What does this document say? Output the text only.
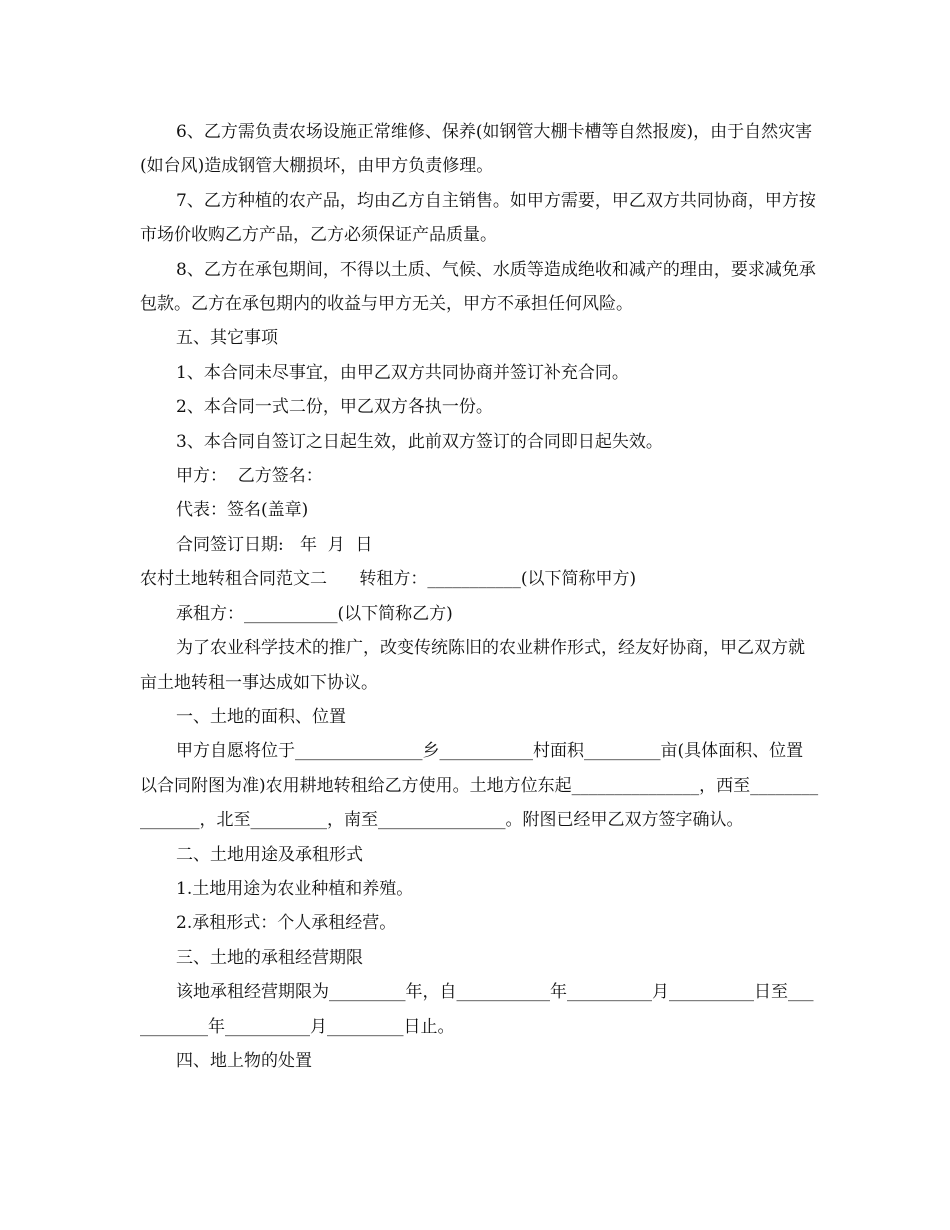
6、乙方需负责农场设施正常维修、保养(如钢管大棚卡槽等自然报废)，由于自然灾害(如台风)造成钢管大棚损坏，由甲方负责修理。

7、乙方种植的农产品，均由乙方自主销售。如甲方需要，甲乙双方共同协商，甲方按市场价收购乙方产品，乙方必须保证产品质量。

8、乙方在承包期间，不得以土质、气候、水质等造成绝收和减产的理由，要求减免承包款。乙方在承包期内的收益与甲方无关，甲方不承担任何风险。

五、其它事项

1、本合同未尽事宜，由甲乙双方共同协商并签订补充合同。

2、本合同一式二份，甲乙双方各执一份。

3、本合同自签订之日起生效，此前双方签订的合同即日起失效。

甲方：  乙方签名：

代表：签名(盖章)

合同签订日期:   年  月  日

农村土地转租合同范文二      转租方：___________(以下简称甲方)

承租方：___________(以下简称乙方)

为了农业科学技术的推广，改变传统陈旧的农业耕作形式，经友好协商，甲乙双方就 亩土地转租一事达成如下协议。

一、土地的面积、位置

甲方自愿将位于_______________乡___________村面积_________亩(具体面积、位置以合同附图为准)农用耕地转租给乙方使用。土地方位东起_______________，西至_______________，北至_________，南至_______________。附图已经甲乙双方签字确认。

二、土地用途及承租形式

1.土地用途为农业种植和养殖。

2.承租形式：个人承租经营。

三、土地的承租经营期限

该地承租经营期限为_________年，自___________年__________月__________日至___________年__________月_________日止。

四、地上物的处置
